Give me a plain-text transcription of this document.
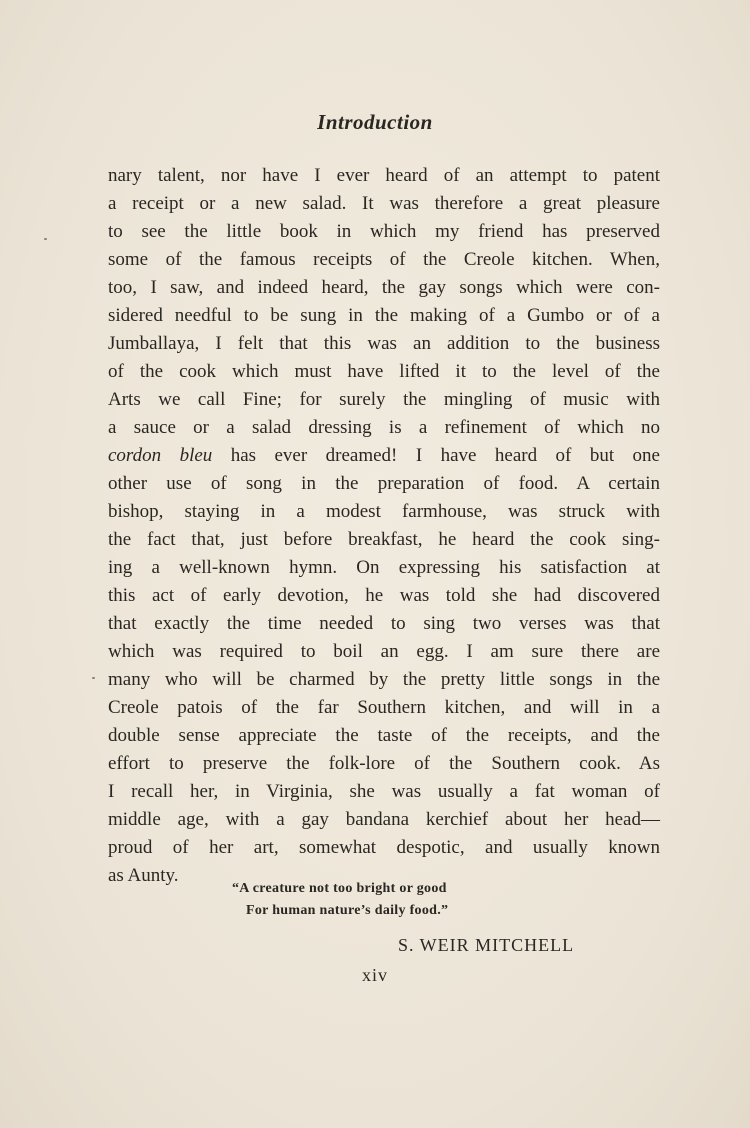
Introduction
nary talent, nor have I ever heard of an attempt to patent
a receipt or a new salad. It was therefore a great pleasure
to see the little book in which my friend has preserved
some of the famous receipts of the Creole kitchen. When,
too, I saw, and indeed heard, the gay songs which were con-
sidered needful to be sung in the making of a Gumbo or of a
Jumballaya, I felt that this was an addition to the business
of the cook which must have lifted it to the level of the
Arts we call Fine; for surely the mingling of music with
a sauce or a salad dressing is a refinement of which no
cordon bleu has ever dreamed! I have heard of but one
other use of song in the preparation of food. A certain
bishop, staying in a modest farmhouse, was struck with
the fact that, just before breakfast, he heard the cook sing-
ing a well-known hymn. On expressing his satisfaction at
this act of early devotion, he was told she had discovered
that exactly the time needed to sing two verses was that
which was required to boil an egg. I am sure there are
many who will be charmed by the pretty little songs in the
Creole patois of the far Southern kitchen, and will in a
double sense appreciate the taste of the receipts, and the
effort to preserve the folk-lore of the Southern cook. As
I recall her, in Virginia, she was usually a fat woman of
middle age, with a gay bandana kerchief about her head—
proud of her art, somewhat despotic, and usually known
as Aunty.
“A creature not too bright or good
For human nature’s daily food.”
S. WEIR MITCHELL
xiv
